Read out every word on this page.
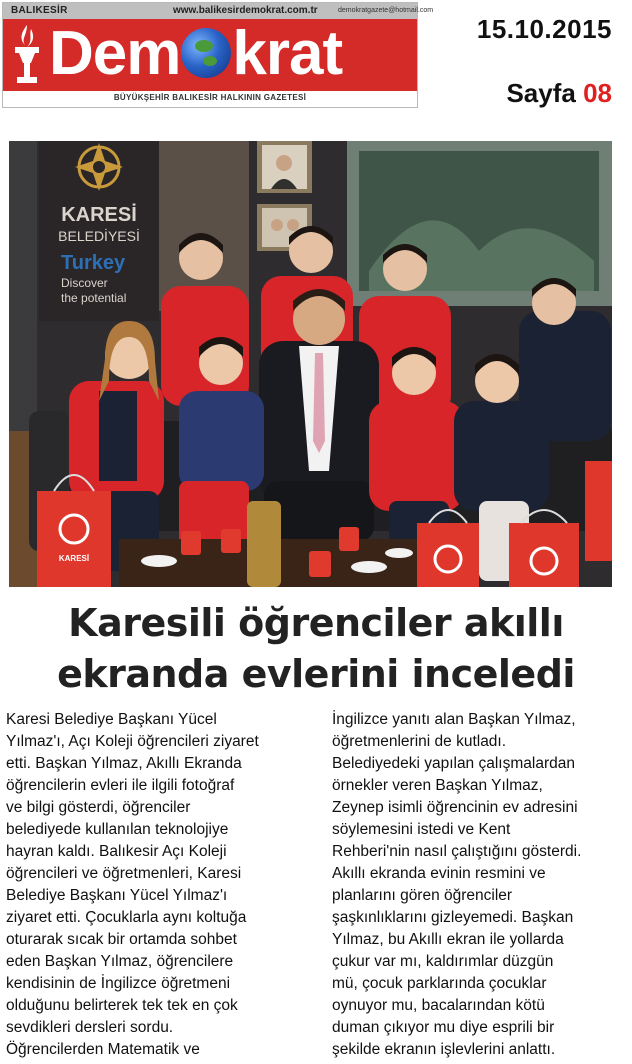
BALIKESİR	www.balikesirdemokrat.com.tr	demokratgazete@hotmail.com
Dem krat
BÜYÜKŞEHİR BALIKESİR HALKININ GAZETESİ
15.10.2015
Sayfa 08
KARESİ
BELEDİYESİ
Turkey
Discover
the potential
KARESİ
Karesili öğrenciler akıllı
ekranda evlerini inceledi

Karesi Belediye Başkanı Yücel

Yılmaz'ı, Açı Koleji öğrencileri ziyaret

etti. Başkan Yılmaz, Akıllı Ekranda

öğrencilerin evleri ile ilgili fotoğraf

ve bilgi gösterdi, öğrenciler

belediyede kullanılan teknolojiye

hayran kaldı. Balıkesir Açı Koleji

öğrencileri ve öğretmenleri, Karesi

Belediye Başkanı Yücel Yılmaz'ı

ziyaret etti. Çocuklarla aynı koltuğa

oturarak sıcak bir ortamda sohbet

eden Başkan Yılmaz, öğrencilere

kendisinin de İngilizce öğretmeni

olduğunu belirterek tek tek en çok

sevdikleri dersleri sordu.

Öğrencilerden Matematik ve

İngilizce yanıtı alan Başkan Yılmaz,

öğretmenlerini de kutladı.

Belediyedeki yapılan çalışmalardan

örnekler veren Başkan Yılmaz,

Zeynep isimli öğrencinin ev adresini

söylemesini istedi ve Kent

Rehberi'nin nasıl çalıştığını gösterdi.

Akıllı ekranda evinin resmini ve

planlarını gören öğrenciler

şaşkınlıklarını gizleyemedi. Başkan

Yılmaz, bu Akıllı ekran ile yollarda

çukur var mı, kaldırımlar düzgün

mü, çocuk parklarında çocuklar

oynuyor mu, bacalarından kötü

duman çıkıyor mu diye esprili bir

şekilde ekranın işlevlerini anlattı.
